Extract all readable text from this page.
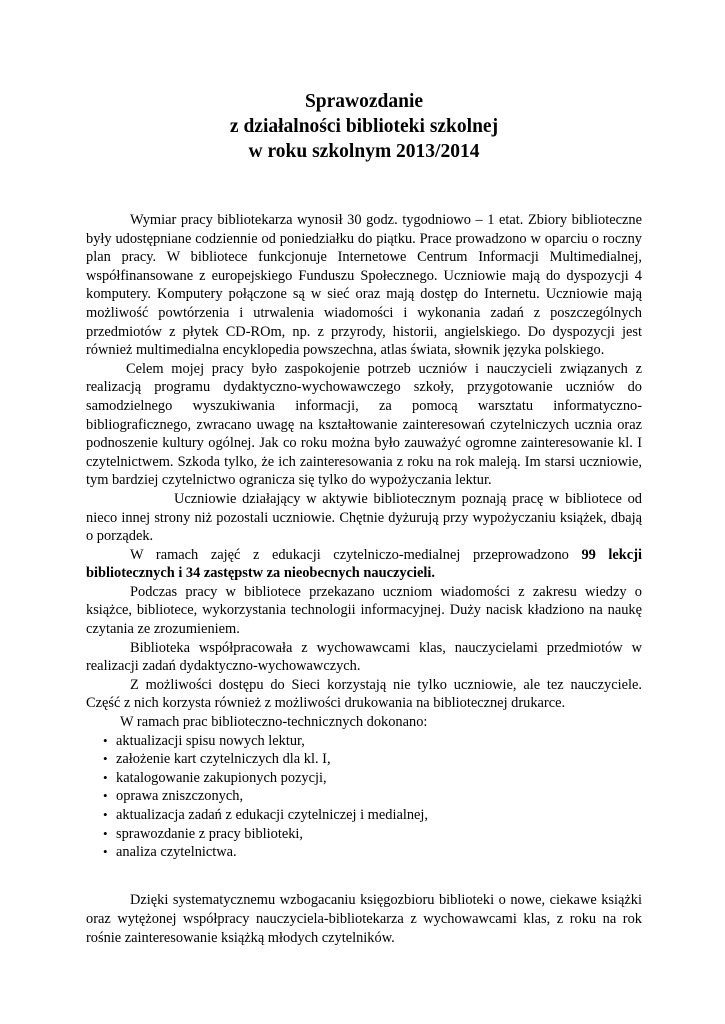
Sprawozdanie
z działalności biblioteki szkolnej
w roku szkolnym 2013/2014

Wymiar pracy bibliotekarza wynosił 30 godz. tygodniowo – 1 etat. Zbiory biblioteczne były udostępniane codziennie od poniedziałku do piątku. Prace prowadzono w oparciu o roczny plan pracy. W bibliotece funkcjonuje Internetowe Centrum Informacji Multimedialnej, współfinansowane z europejskiego Funduszu Społecznego. Uczniowie mają do dyspozycji 4 komputery. Komputery połączone są w sieć oraz mają dostęp do Internetu. Uczniowie mają możliwość powtórzenia i utrwalenia wiadomości i wykonania zadań z poszczególnych przedmiotów z płytek CD-ROm, np. z przyrody, historii, angielskiego. Do dyspozycji jest również multimedialna encyklopedia powszechna, atlas świata, słownik języka polskiego.

Celem mojej pracy było zaspokojenie potrzeb uczniów i nauczycieli związanych z realizacją programu dydaktyczno-wychowawczego szkoły, przygotowanie uczniów do samodzielnego wyszukiwania informacji, za pomocą warsztatu informatyczno-bibliograficznego, zwracano uwagę na kształtowanie zainteresowań czytelniczych ucznia oraz podnoszenie kultury ogólnej. Jak co roku można było zauważyć ogromne zainteresowanie kl. I czytelnictwem. Szkoda tylko, że ich zainteresowania z roku na rok maleją. Im starsi uczniowie, tym bardziej czytelnictwo ogranicza się tylko do wypożyczania lektur.

Uczniowie działający w aktywie bibliotecznym poznają pracę w bibliotece od nieco innej strony niż pozostali uczniowie. Chętnie dyżurują przy wypożyczaniu książek, dbają o porządek.

W ramach zajęć z edukacji czytelniczo-medialnej przeprowadzono 99 lekcji bibliotecznych i 34 zastępstw za nieobecnych nauczycieli.

Podczas pracy w bibliotece przekazano uczniom wiadomości z zakresu wiedzy o książce, bibliotece, wykorzystania technologii informacyjnej. Duży nacisk kładziono na naukę czytania ze zrozumieniem.

Biblioteka współpracowała z wychowawcami klas, nauczycielami przedmiotów w realizacji zadań dydaktyczno-wychowawczych.

Z możliwości dostępu do Sieci korzystają nie tylko uczniowie, ale tez nauczyciele. Część z nich korzysta również z możliwości drukowania na bibliotecznej drukarce.

W ramach prac biblioteczno-technicznych dokonano:

• aktualizacji spisu nowych lektur,
• założenie kart czytelniczych dla kl. I,
• katalogowanie zakupionych pozycji,
• oprawa zniszczonych,
• aktualizacja zadań z edukacji czytelniczej i medialnej,
• sprawozdanie z pracy biblioteki,
• analiza czytelnictwa.

Dzięki systematycznemu wzbogacaniu księgozbioru biblioteki o nowe, ciekawe książki oraz wytężonej współpracy nauczyciela-bibliotekarza z wychowawcami klas, z roku na rok rośnie zainteresowanie książką młodych czytelników.
